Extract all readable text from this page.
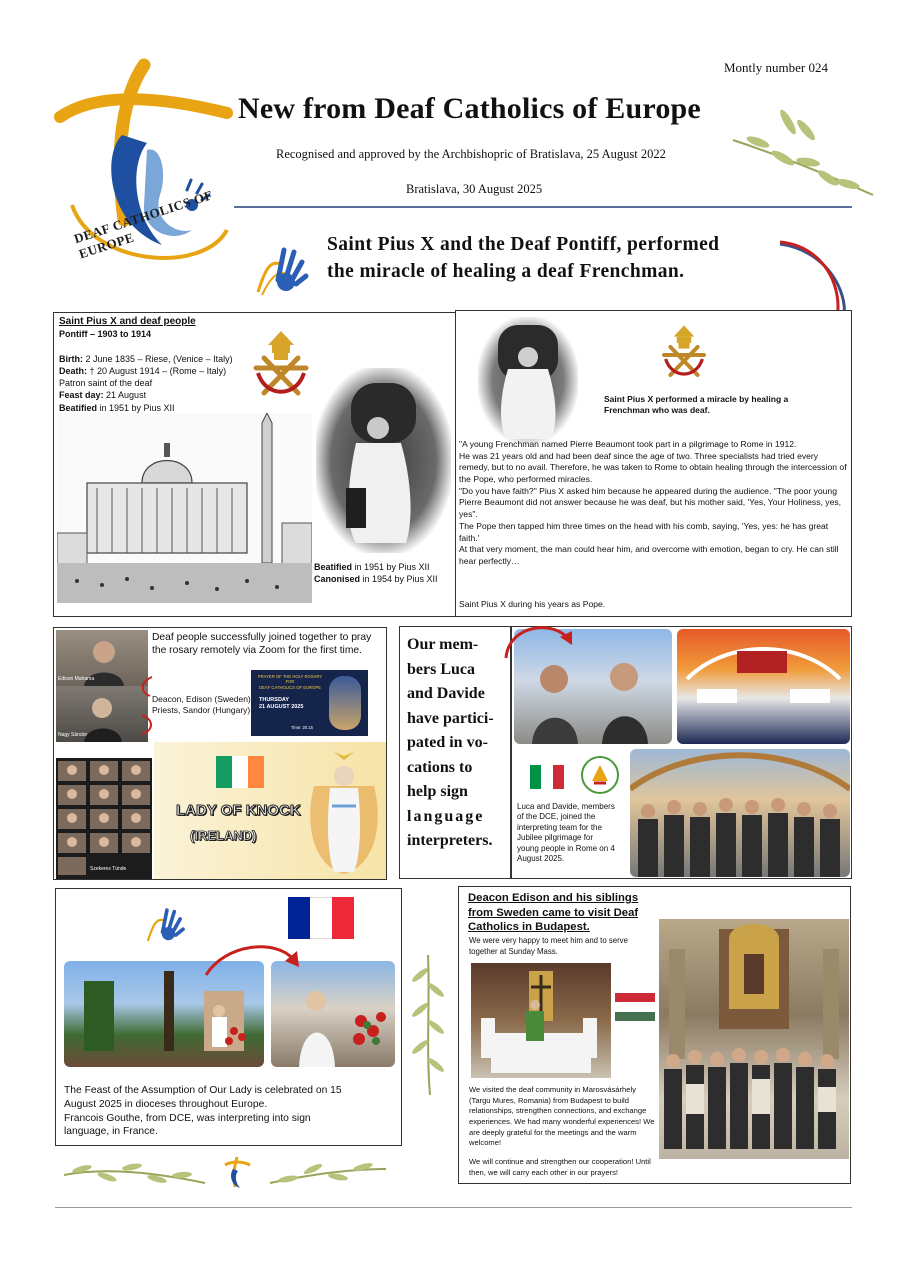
DEAF CATHOLICS OF EUROPE
Montly number 024
New from Deaf Catholics of Europe
Recognised and approved by the Archbishopric of Bratislava, 25 August 2022
Bratislava, 30 August 2025
Saint Pius X and the Deaf Pontiff, performed
the miracle of healing a deaf Frenchman.
Saint Pius X and deaf people
Pontiff – 1903 to 1914
Birth: 2 June 1835 – Riese, (Venice – Italy)
Death: † 20 August 1914 – (Rome – Italy)
Patron saint of the deaf
Feast day: 21 August
Beatified in 1951 by Pius XII
Beatified in 1951 by Pius XII
Canonised in 1954 by Pius XII
Saint Pius X performed a miracle by healing a
Frenchman who was deaf.
"A young Frenchman named Pierre Beaumont took part in a pilgrimage to Rome in 1912.
He was 21 years old and had been deaf since the age of two. Three specialists had tried every remedy, but to no avail. Therefore, he was taken to Rome to obtain healing through the intercession of the Pope, who performed miracles.
"Do you have faith?" Pius X asked him because he appeared during the audience. "The poor young Pierre Beaumont did not answer because he was deaf, but his mother said, 'Yes, Your Holiness, yes, yes".
The Pope then tapped him three times on the head with his comb, saying, 'Yes, yes: he has great faith.'
At that very moment, the man could hear him, and overcome with emotion, began to cry. He can still hear perfectly…
Saint Pius X during his years as Pope.
Edison Mahama
Nagy Sándor
Deaf people successfully joined together to pray the rosary remotely via Zoom for the first time.
Deacon, Edison (Sweden)
Priests, Sandor (Hungary)
PRAYER OF THE HOLY ROSARY
FOR
DEAF CATHOLICS OF EUROPE
THURSDAY
21 AUGUST 2025
Time: 20.15
Szekeres Tünde
LADY OF KNOCK
(IRELAND)
Our mem-
bers Luca
and Davide
have partici-
pated in vo-
cations to
help sign
language
interpreters.
Luca and Davide, members
of the DCE, joined the
interpreting team for the
Jubilee pilgrimage for
young people in Rome on 4
August 2025.
The Feast of the Assumption of Our Lady is celebrated on 15
August 2025 in dioceses throughout Europe.
Francois Gouthe, from DCE, was interpreting into sign
language, in France.
Deacon Edison and his siblings
from Sweden came to visit Deaf
Catholics in Budapest.
We were very happy to meet him and to serve
together at Sunday Mass.
We visited the deaf community in Marosvásárhely (Targu Mures, Romania) from Budapest to build relationships, strengthen connections, and exchange experiences. We had many wonderful experiences! We are deeply grateful for the meetings and the warm welcome!
We will continue and strengthen our cooperation! Until then, we will carry each other in our prayers!
